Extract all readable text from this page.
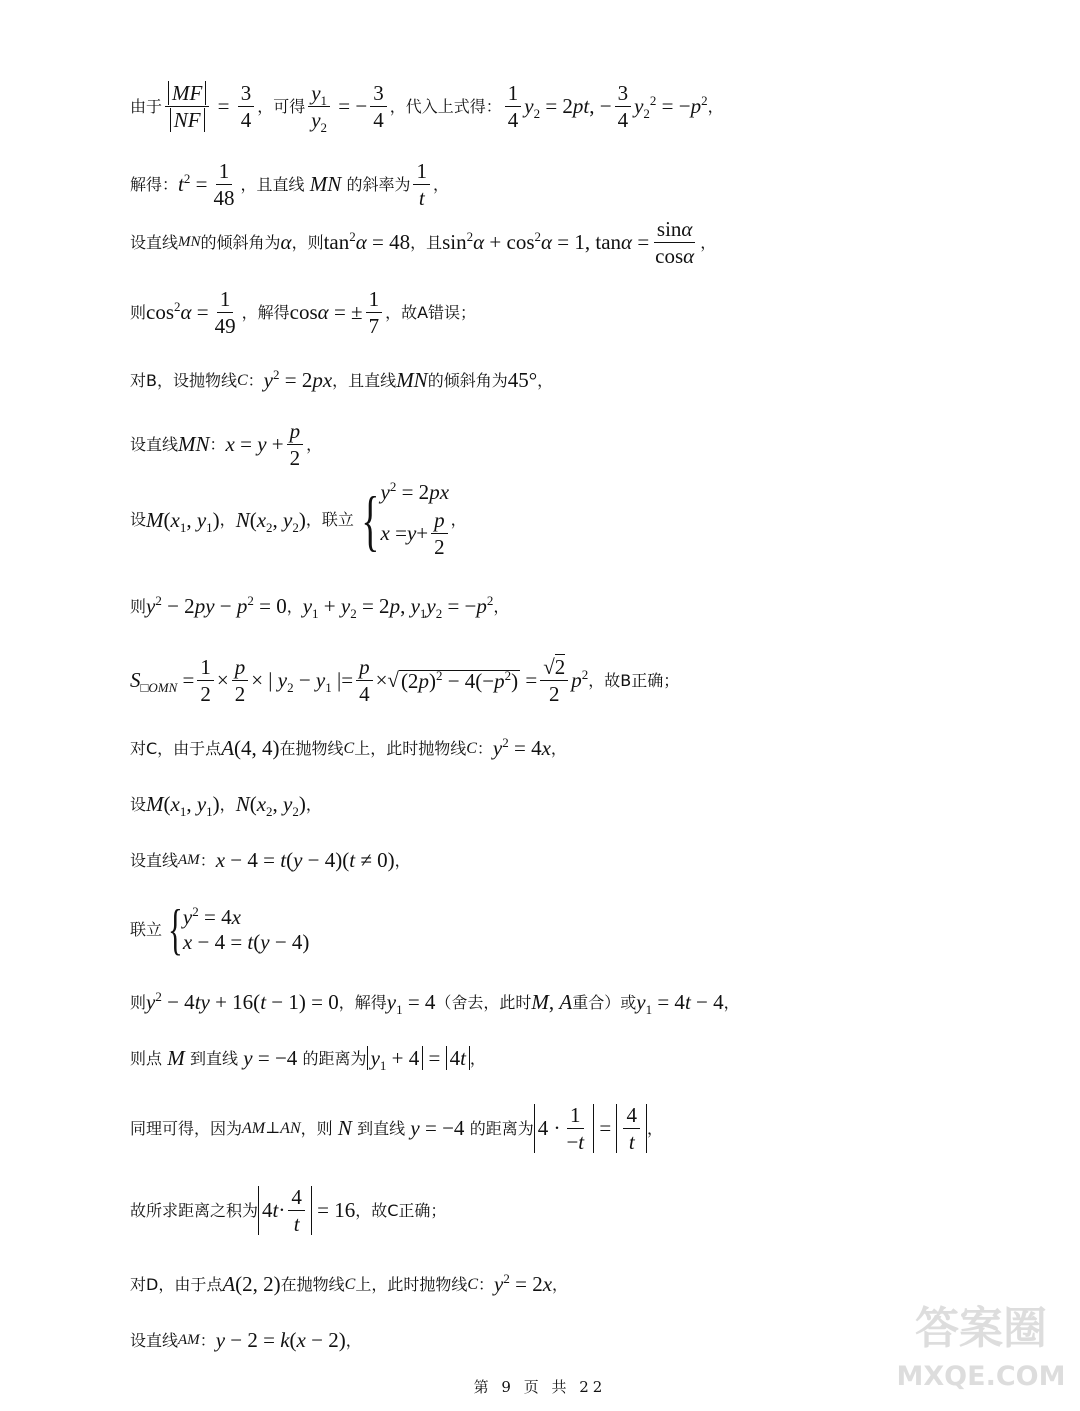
由于 $\frac{MF}{NF} = \frac{3}{4}$ ，可得 $\frac{y_1}{y_2}$ = − $\frac{3}{4}$ ，代入上式得： $\frac{1}{4} y_2 = 2pt$, − $\frac{3}{4} y_2^2 = -p^2$ ，
解得： $t^2 = \frac{1}{48}$ ，且直线 MN 的斜率为 $\frac{1}{t}$ ，
设直线 MN 的倾斜角为 α ，则 $\tan^2\alpha = 48$ ，且 $\sin^2\alpha + \cos^2\alpha = 1$, $\tan\alpha = \frac{\sin\alpha}{\cos\alpha}$ ，
则 $\cos^2\alpha = \frac{1}{49}$ ，解得 cosα = ± $\frac{1}{7}$ ，故A错误；
对B，设抛物线 C ： $y^2 = 2px$ ，且直线 MN 的倾斜角为 45° ，
设直线 MN ： $x = y + \frac{p}{2}$ ，
设 $M(x_1$, $y_1$) ， $N(x_2$, $y_2$) ，联立 { $y^2 = 2px$
$x = y + \frac{p}{2}$ ，
则 $y^2 - 2py - p^2 = 0$ ， $y_1 + y_2 = 2p$, $y_1y_2 = -p^2$ ，
$S_{□OMN} = \frac{1}{2} \times \frac{p}{2}$ × | $y_2 - y_1$ |= $\frac{p}{4}$ ×√ $(2p)^2 - 4(-p^2) = \frac{√2}{2} p^2$ ，故B正确；
对C，由于点 A(4, 4) 在抛物线 C 上，此时抛物线 C ： $y^2 = 4x$ ，
设 $M(x_1$, $y_1$) ， $N(x_2$, $y_2$) ，
设直线 AM ： x − 4 = t(y − 4)(t ≠ 0) ，
联立 { $y^2 = 4x$
x − 4 = t(y − 4)
则 $y^2 - 4ty + 16(t - 1) = 0$ ，解得 $y_1 = 4$ （舍去，此时 M, A 重合）或 $y_1 = 4t - 4$ ，
则点 M 到直线 y = −4 的距离为 $y_1 + 4 = 4t$ ，
同理可得，因为 AM ⊥ AN ，则 N 到直线 y = −4 的距离为 $4 \cdot \frac{1}{-t} = \frac{4}{t}$ ，
故所求距离之积为 4 $t \cdot \frac{4}{t} = 16$ ，故C正确；
对D，由于点 A(2, 2) 在抛物线 C 上，此时抛物线 C ： $y^2 = 2x$ ，
设直线 AM ： y − 2 = k(x − 2) ，
第 9 页 共 22
答案圈
MXQE.COM
